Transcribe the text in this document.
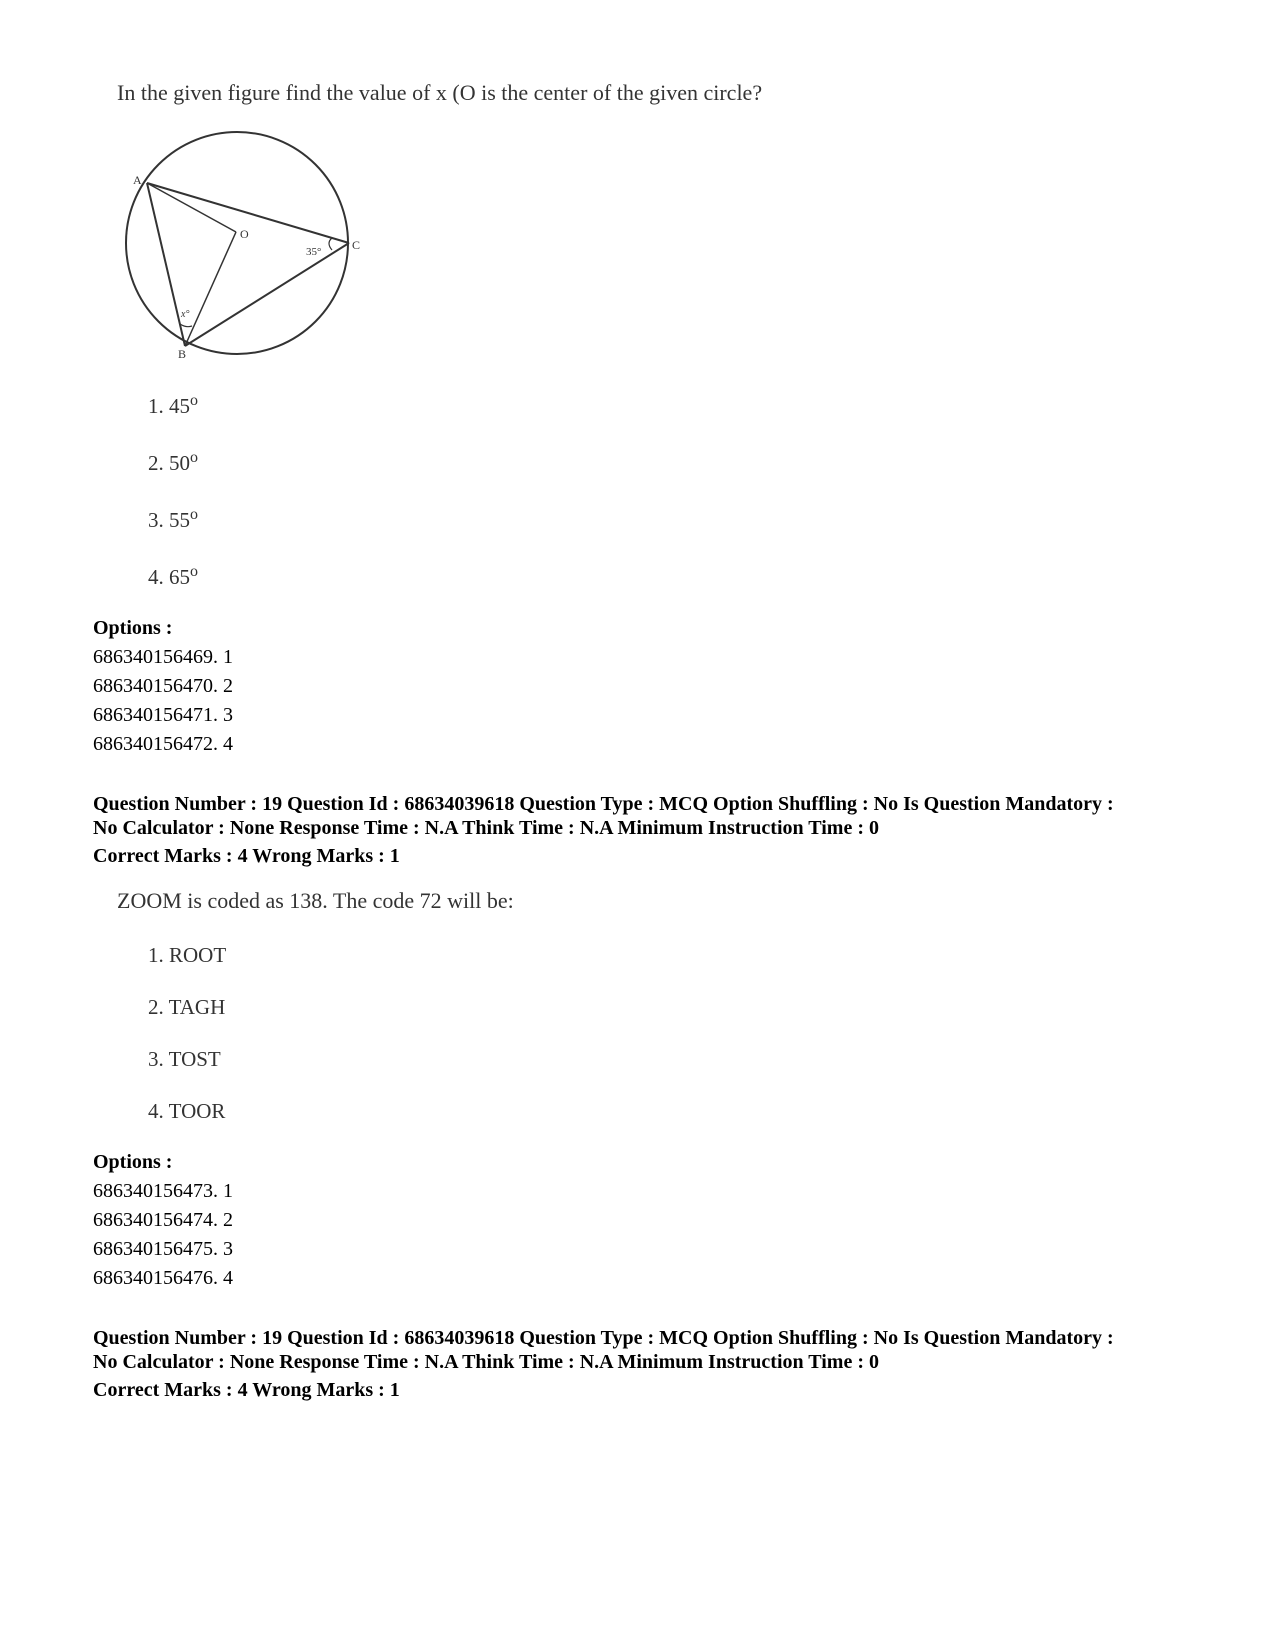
In the given figure find the value of x (O is the center of the given circle?
A
O
C
B
35°
x°
1. 45$^o$
2. 50$^o$
3. 55$^o$
4. 65$^o$
Options :
686340156469. 1
686340156470. 2
686340156471. 3
686340156472. 4
Question Number : 19 Question Id : 68634039618 Question Type : MCQ Option Shuffling : No Is Question Mandatory :
No Calculator : None Response Time : N.A Think Time : N.A Minimum Instruction Time : 0
Correct Marks : 4 Wrong Marks : 1
ZOOM is coded as 138. The code 72 will be:
1. ROOT
2. TAGH
3. TOST
4. TOOR
Options :
686340156473. 1
686340156474. 2
686340156475. 3
686340156476. 4
Question Number : 19 Question Id : 68634039618 Question Type : MCQ Option Shuffling : No Is Question Mandatory :
No Calculator : None Response Time : N.A Think Time : N.A Minimum Instruction Time : 0
Correct Marks : 4 Wrong Marks : 1
